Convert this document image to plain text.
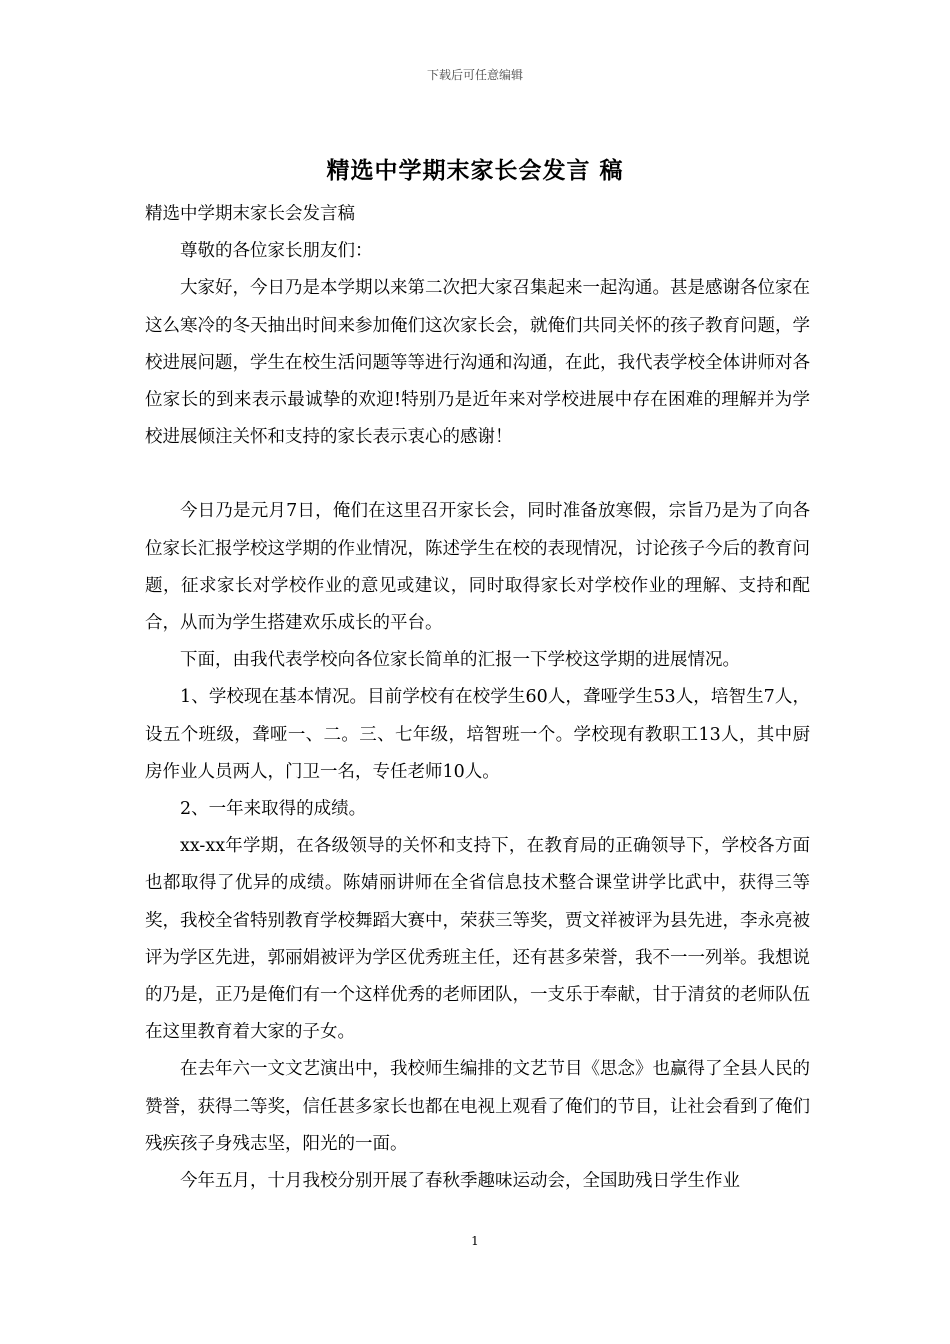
下载后可任意编辑
精选中学期末家长会发言 稿

精选中学期末家长会发言稿

尊敬的各位家长朋友们：

大家好，今日乃是本学期以来第二次把大家召集起来一起沟通。甚是感谢各位家在这么寒冷的冬天抽出时间来参加俺们这次家长会，就俺们共同关怀的孩子教育问题，学校进展问题，学生在校生活问题等等进行沟通和沟通，在此，我代表学校全体讲师对各位家长的到来表示最诚挚的欢迎!特别乃是近年来对学校进展中存在困难的理解并为学校进展倾注关怀和支持的家长表示衷心的感谢！

今日乃是元月7日，俺们在这里召开家长会，同时准备放寒假，宗旨乃是为了向各位家长汇报学校这学期的作业情况，陈述学生在校的表现情况，讨论孩子今后的教育问题，征求家长对学校作业的意见或建议，同时取得家长对学校作业的理解、支持和配合，从而为学生搭建欢乐成长的平台。

下面，由我代表学校向各位家长简单的汇报一下学校这学期的进展情况。

1、学校现在基本情况。目前学校有在校学生60人，聋哑学生53人，培智生7人，设五个班级，聋哑一、二。三、七年级，培智班一个。学校现有教职工13人，其中厨房作业人员两人，门卫一名，专任老师10人。

2、一年来取得的成绩。

xx-xx年学期，在各级领导的关怀和支持下，在教育局的正确领导下，学校各方面也都取得了优异的成绩。陈婧丽讲师在全省信息技术整合课堂讲学比武中，获得三等奖，我校全省特别教育学校舞蹈大赛中，荣获三等奖，贾文祥被评为县先进，李永亮被评为学区先进，郭丽娟被评为学区优秀班主任，还有甚多荣誉，我不一一列举。我想说的乃是，正乃是俺们有一个这样优秀的老师团队，一支乐于奉献，甘于清贫的老师队伍在这里教育着大家的子女。

在去年六一文文艺演出中，我校师生编排的文艺节目《思念》也赢得了全县人民的赞誉，获得二等奖，信任甚多家长也都在电视上观看了俺们的节目，让社会看到了俺们残疾孩子身残志坚，阳光的一面。

今年五月，十月我校分别开展了春秋季趣味运动会，全国助残日学生作业

1
